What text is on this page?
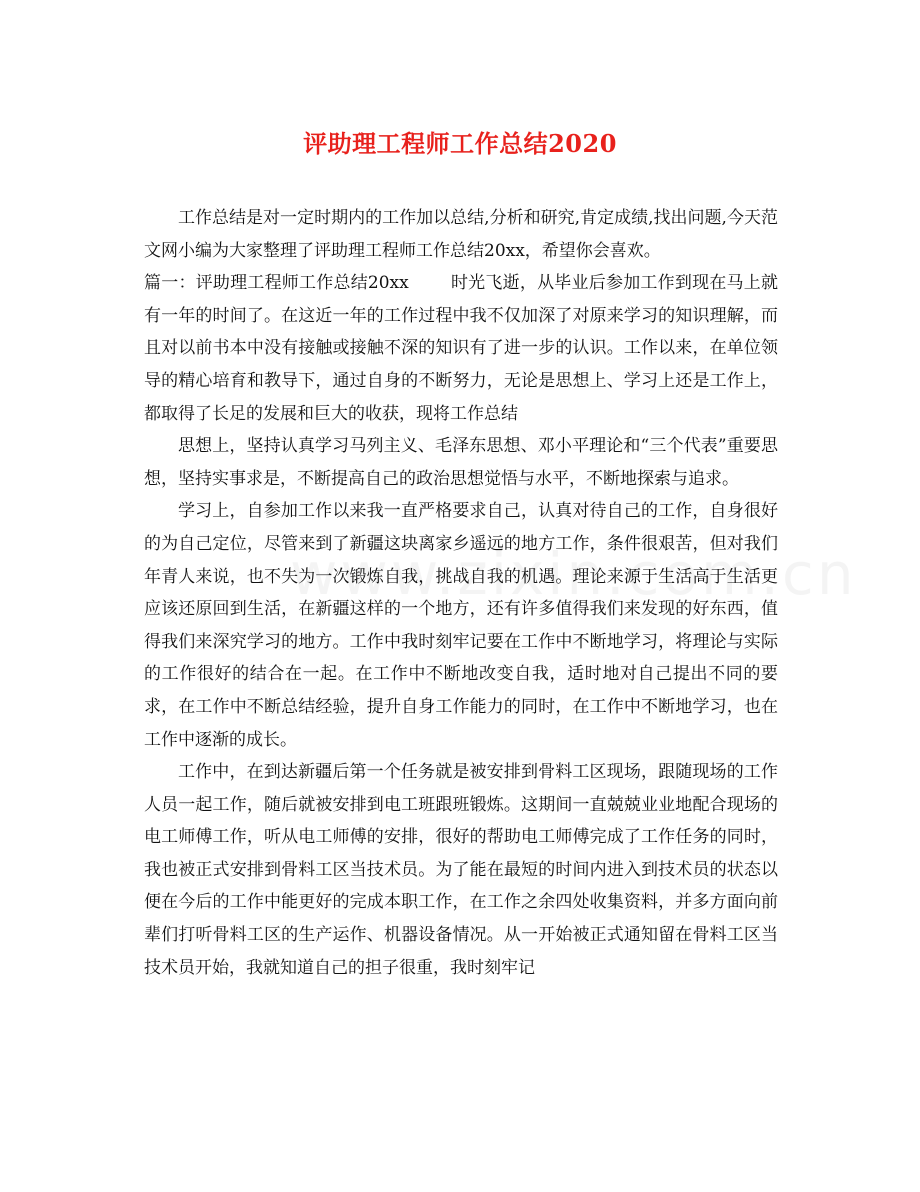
评助理工程师工作总结2020

工作总结是对一定时期内的工作加以总结,分析和研究,肯定成绩,找出问题,今天范文网小编为大家整理了评助理工程师工作总结20xx，希望你会喜欢。

篇一：评助理工程师工作总结20xx 时光飞逝，从毕业后参加工作到现在马上就有一年的时间了。在这近一年的工作过程中我不仅加深了对原来学习的知识理解，而且对以前书本中没有接触或接触不深的知识有了进一步的认识。工作以来，在单位领导的精心培育和教导下，通过自身的不断努力，无论是思想上、学习上还是工作上，都取得了长足的发展和巨大的收获，现将工作总结

思想上，坚持认真学习马列主义、毛泽东思想、邓小平理论和“三个代表”重要思想，坚持实事求是，不断提高自己的政治思想觉悟与水平，不断地探索与追求。

学习上，自参加工作以来我一直严格要求自己，认真对待自己的工作，自身很好的为自己定位，尽管来到了新疆这块离家乡遥远的地方工作，条件很艰苦，但对我们年青人来说，也不失为一次锻炼自我，挑战自我的机遇。理论来源于生活高于生活更应该还原回到生活，在新疆这样的一个地方，还有许多值得我们来发现的好东西，值得我们来深究学习的地方。工作中我时刻牢记要在工作中不断地学习，将理论与实际的工作很好的结合在一起。在工作中不断地改变自我，适时地对自己提出不同的要求，在工作中不断总结经验，提升自身工作能力的同时，在工作中不断地学习，也在工作中逐渐的成长。

工作中，在到达新疆后第一个任务就是被安排到骨料工区现场，跟随现场的工作人员一起工作，随后就被安排到电工班跟班锻炼。这期间一直兢兢业业地配合现场的电工师傅工作，听从电工师傅的安排，很好的帮助电工师傅完成了工作任务的同时，我也被正式安排到骨料工区当技术员。为了能在最短的时间内进入到技术员的状态以便在今后的工作中能更好的完成本职工作，在工作之余四处收集资料，并多方面向前辈们打听骨料工区的生产运作、机器设备情况。从一开始被正式通知留在骨料工区当技术员开始，我就知道自己的担子很重，我时刻牢记
